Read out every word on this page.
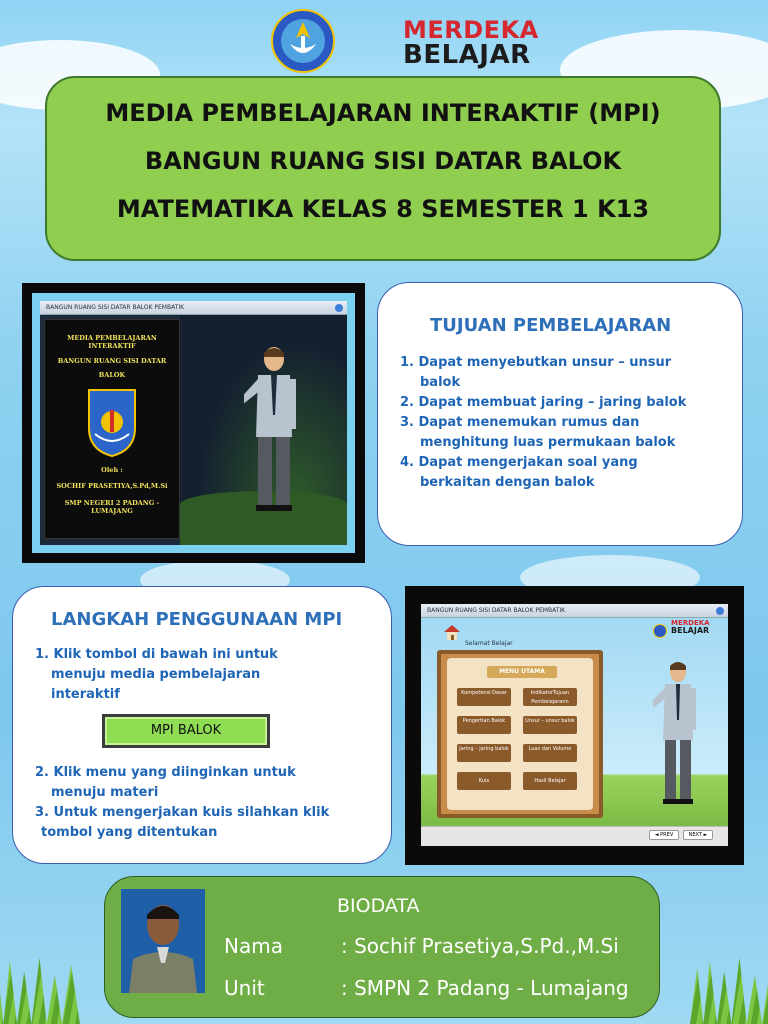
MERDEKA
BELAJAR
MEDIA PEMBELAJARAN INTERAKTIF (MPI)
BANGUN RUANG SISI DATAR BALOK
MATEMATIKA KELAS 8 SEMESTER 1 K13
BANGUN RUANG SISI DATAR BALOK PEMBATIK
MEDIA PEMBELAJARAN INTERAKTIF
BANGUN RUANG SISI DATAR
BALOK
Oleh :
SOCHIF PRASETIYA,S.Pd,M.Si
SMP NEGERI 2 PADANG - LUMAJANG
TUJUAN PEMBELAJARAN
1. Dapat menyebutkan unsur – unsur
balok
2. Dapat membuat jaring – jaring balok
3. Dapat menemukan rumus dan
menghitung luas permukaan balok
4. Dapat mengerjakan soal yang
berkaitan dengan balok
LANGKAH PENGGUNAAN MPI
1. Klik tombol di bawah ini untuk
menuju media pembelajaran
interaktif
2. Klik menu yang diinginkan untuk
menuju materi
3. Untuk mengerjakan kuis silahkan klik
tombol yang ditentukan
MPI BALOK
BANGUN RUANG SISI DATAR BALOK PEMBATIK
Selamat Belajar
MERDEKA
BELAJAR
MENU UTAMA
Kompetensi Dasar	IndikatorTujuan Pembelajarann
Pengertian Balok	Unsur – unsur balok
Jaring – jaring balok	Luas dan Volume
Kuis	Hasil Belajar
◄ PREV	NEXT ►
BIODATA
Nama	: Sochif Prasetiya,S.Pd.,M.Si
Unit	: SMPN 2 Padang - Lumajang
